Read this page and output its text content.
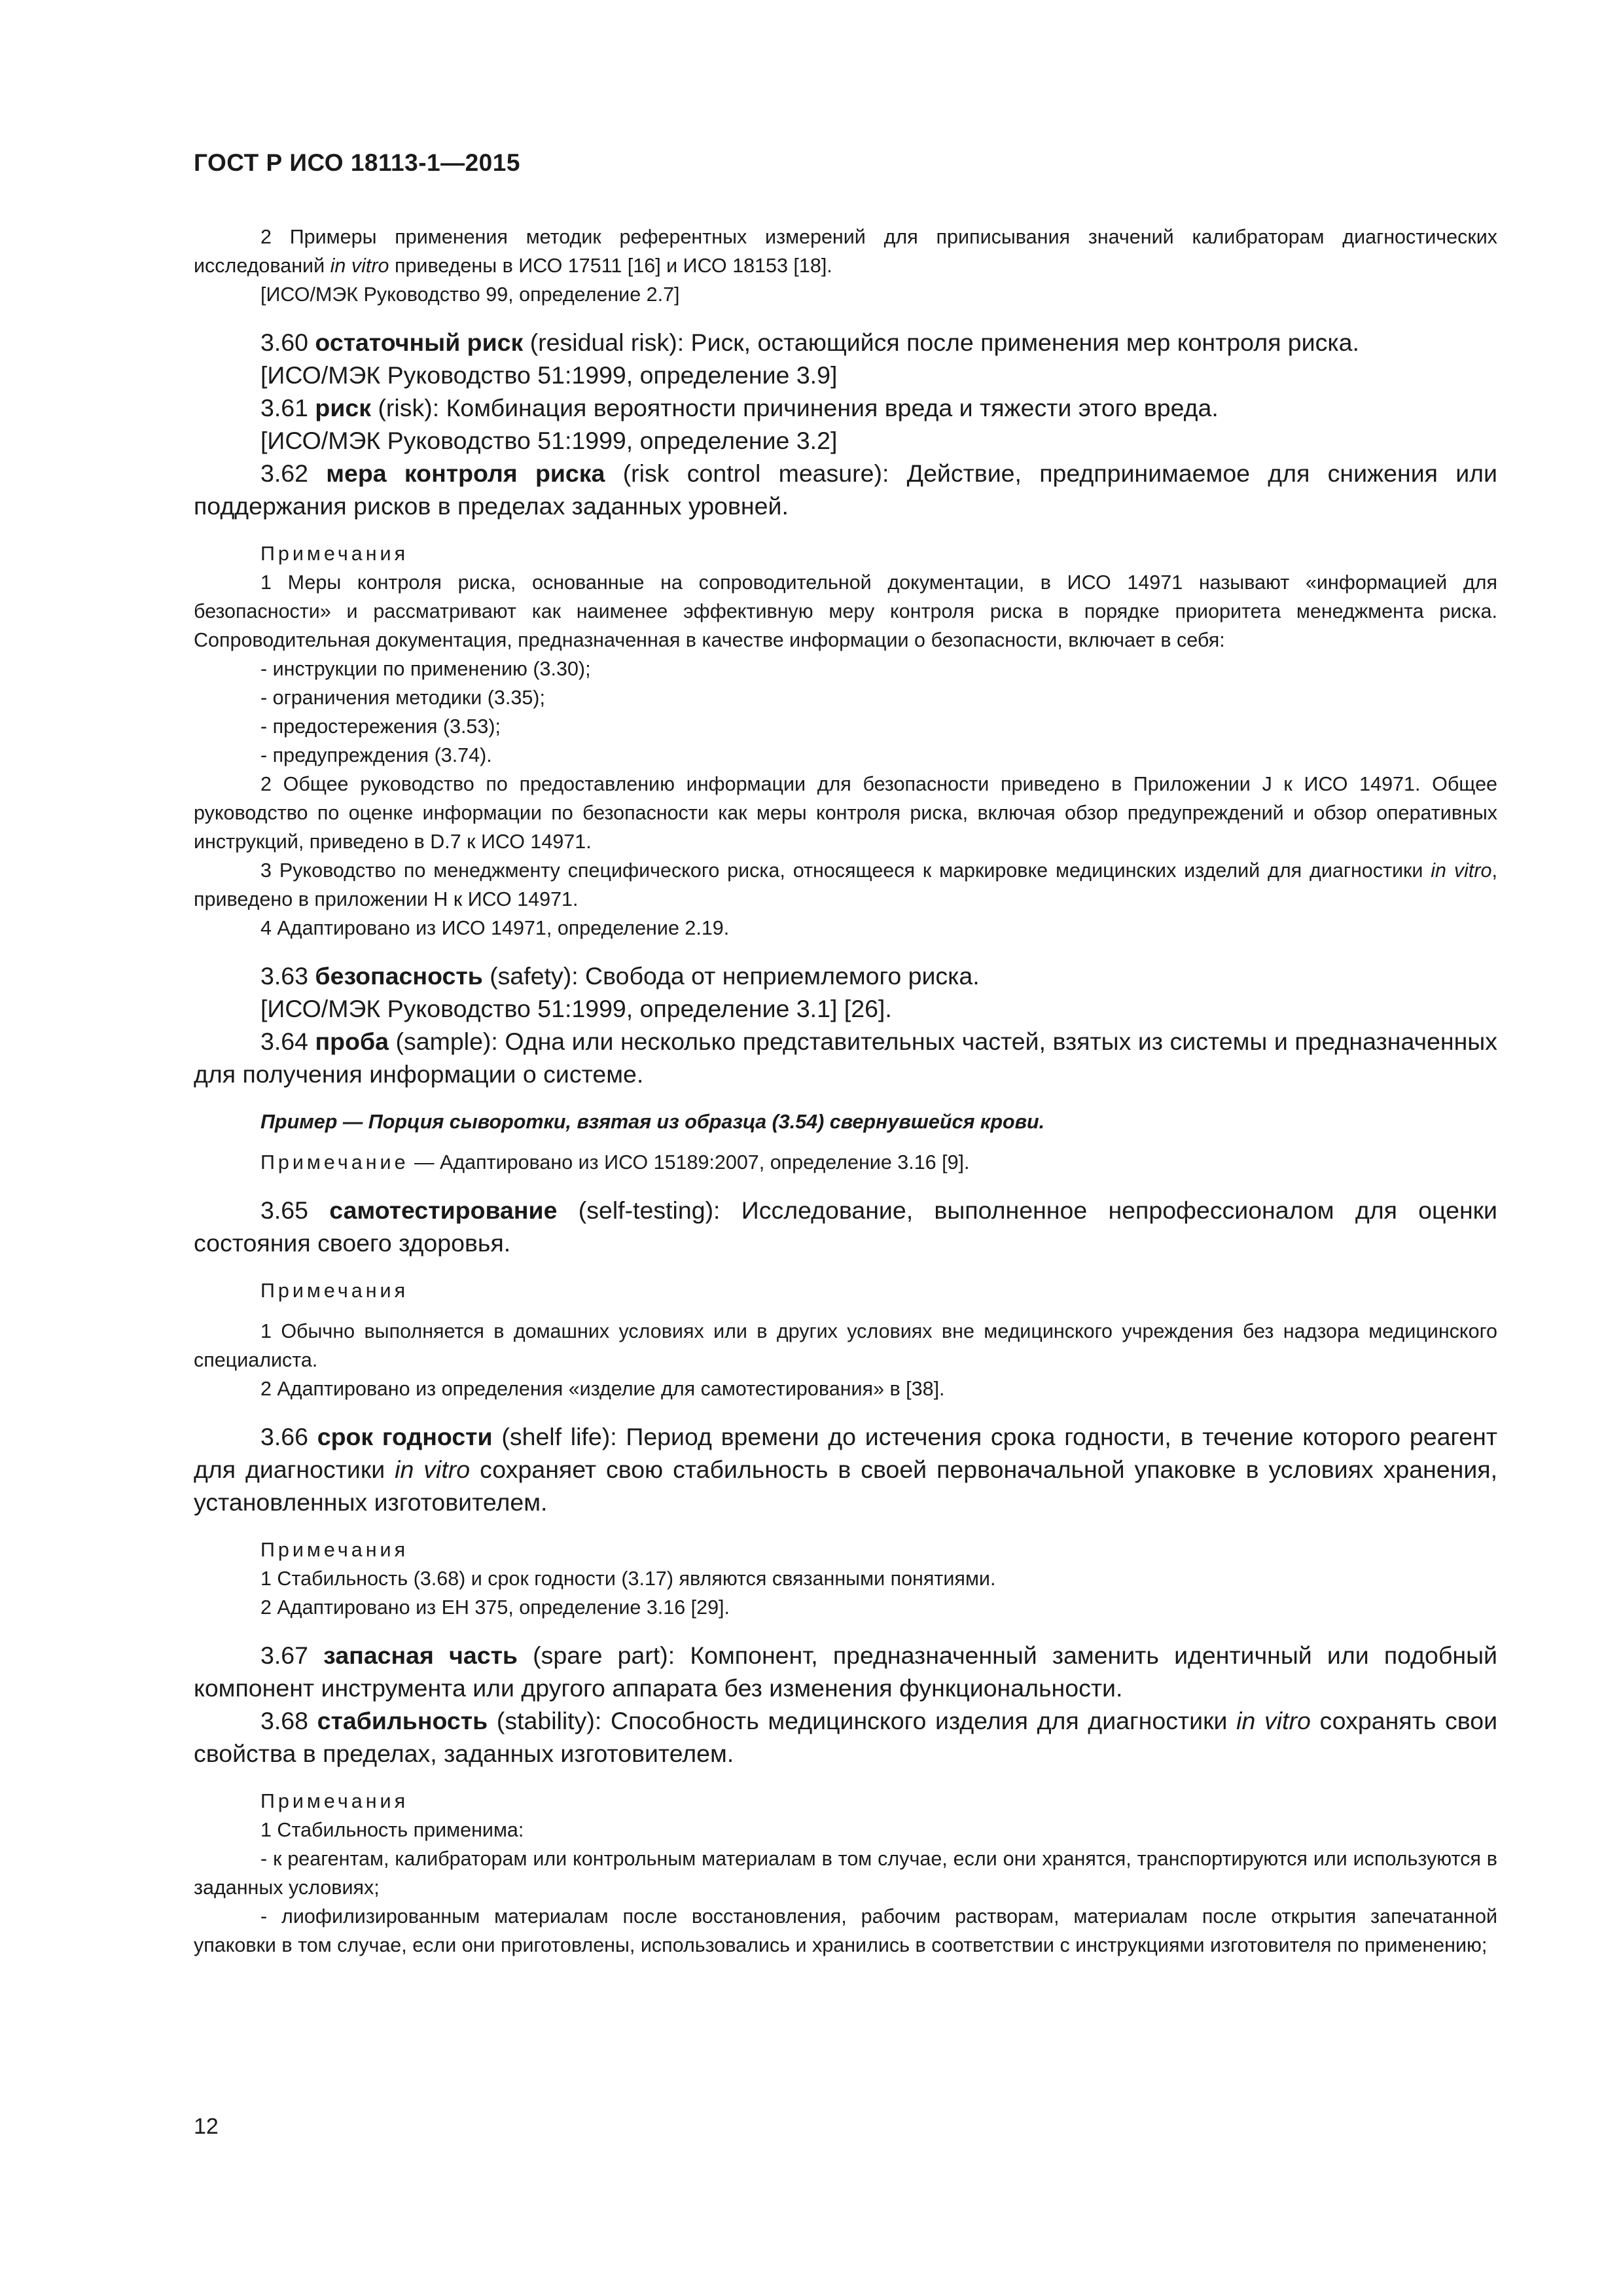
ГОСТ Р ИСО 18113-1—2015

2 Примеры применения методик референтных измерений для приписывания значений калибраторам диагностических исследований in vitro приведены в ИСО 17511 [16] и ИСО 18153 [18].

[ИСО/МЭК Руководство 99, определение 2.7]

3.60 остаточный риск (residual risk): Риск, остающийся после применения мер контроля риска.

[ИСО/МЭК Руководство 51:1999, определение 3.9]

3.61 риск (risk): Комбинация вероятности причинения вреда и тяжести этого вреда.

[ИСО/МЭК Руководство 51:1999, определение 3.2]

3.62 мера контроля риска (risk control measure): Действие, предпринимаемое для снижения или поддержания рисков в пределах заданных уровней.

Примечания

1 Меры контроля риска, основанные на сопроводительной документации, в ИСО 14971 называют «информацией для безопасности» и рассматривают как наименее эффективную меру контроля риска в порядке приоритета менеджмента риска. Сопроводительная документация, предназначенная в качестве информации о безопасности, включает в себя:

- инструкции по применению (3.30);

- ограничения методики (3.35);

- предостережения (3.53);

- предупреждения (3.74).

2 Общее руководство по предоставлению информации для безопасности приведено в Приложении J к ИСО 14971. Общее руководство по оценке информации по безопасности как меры контроля риска, включая обзор предупреждений и обзор оперативных инструкций, приведено в D.7 к ИСО 14971.

3 Руководство по менеджменту специфического риска, относящееся к маркировке медицинских изделий для диагностики in vitro, приведено в приложении Н к ИСО 14971.

4 Адаптировано из ИСО 14971, определение 2.19.

3.63 безопасность (safety): Свобода от неприемлемого риска.

[ИСО/МЭК Руководство 51:1999, определение 3.1] [26].

3.64 проба (sample): Одна или несколько представительных частей, взятых из системы и предназначенных для получения информации о системе.

Пример — Порция сыворотки, взятая из образца (3.54) свернувшейся крови.

Примечание — Адаптировано из ИСО 15189:2007, определение 3.16 [9].

3.65 самотестирование (self-testing): Исследование, выполненное непрофессионалом для оценки состояния своего здоровья.

Примечания

1 Обычно выполняется в домашних условиях или в других условиях вне медицинского учреждения без надзора медицинского специалиста.

2 Адаптировано из определения «изделие для самотестирования» в [38].

3.66 срок годности (shelf life): Период времени до истечения срока годности, в течение которого реагент для диагностики in vitro сохраняет свою стабильность в своей первоначальной упаковке в условиях хранения, установленных изготовителем.

Примечания

1 Стабильность (3.68) и срок годности (3.17) являются связанными понятиями.

2 Адаптировано из ЕН 375, определение 3.16 [29].

3.67 запасная часть (spare part): Компонент, предназначенный заменить идентичный или подобный компонент инструмента или другого аппарата без изменения функциональности.

3.68 стабильность (stability): Способность медицинского изделия для диагностики in vitro сохранять свои свойства в пределах, заданных изготовителем.

Примечания

1 Стабильность применима:

- к реагентам, калибраторам или контрольным материалам в том случае, если они хранятся, транспортируются или используются в заданных условиях;

- лиофилизированным материалам после восстановления, рабочим растворам, материалам после открытия запечатанной упаковки в том случае, если они приготовлены, использовались и хранились в соответствии с инструкциями изготовителя по применению;

12
